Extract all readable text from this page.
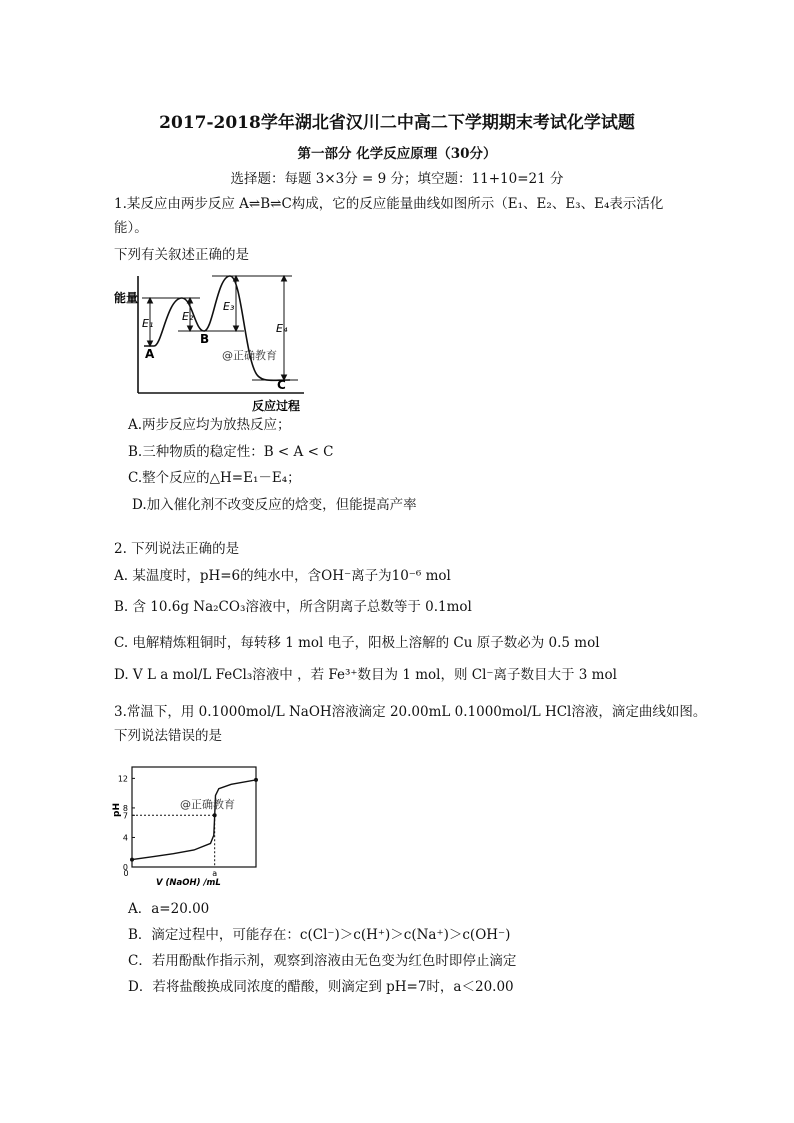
2017-2018学年湖北省汉川二中高二下学期期末考试化学试题
第一部分 化学反应原理（30分）
选择题：每题 3×3分 = 9 分；填空题：11+10=21 分
1.某反应由两步反应 A⇌B⇌C构成，它的反应能量曲线如图所示（E₁、E₂、E₃、E₄表示活化
能）。
下列有关叙述正确的是
能量
反应过程
E₁
E₂
E₃
E₄
A
B
C
@正确教育
A.两步反应均为放热反应；
B.三种物质的稳定性：B < A < C
C.整个反应的△H=E₁－E₄；
D.加入催化剂不改变反应的焓变，但能提高产率
2. 下列说法正确的是
A. 某温度时，pH=6的纯水中，含OH⁻离子为10⁻⁶ mol
B. 含 10.6g Na₂CO₃溶液中，所含阴离子总数等于 0.1mol
C. 电解精炼粗铜时，每转移 1 mol 电子，阳极上溶解的 Cu 原子数必为 0.5 mol
D. V L a mol/L FeCl₃溶液中 ，若 Fe³⁺数目为 1 mol，则 Cl⁻离子数目大于 3 mol
3.常温下，用 0.1000mol/L NaOH溶液滴定 20.00mL 0.1000mol/L HCl溶液，滴定曲线如图。
下列说法错误的是
0
4
7
8
12
0	a
@正确教育
V (NaOH) /mL
pH
A．a=20.00
B．滴定过程中，可能存在：c(Cl⁻)＞c(H⁺)＞c(Na⁺)＞c(OH⁻)
C．若用酚酞作指示剂，观察到溶液由无色变为红色时即停止滴定
D．若将盐酸换成同浓度的醋酸，则滴定到 pH=7时，a＜20.00
